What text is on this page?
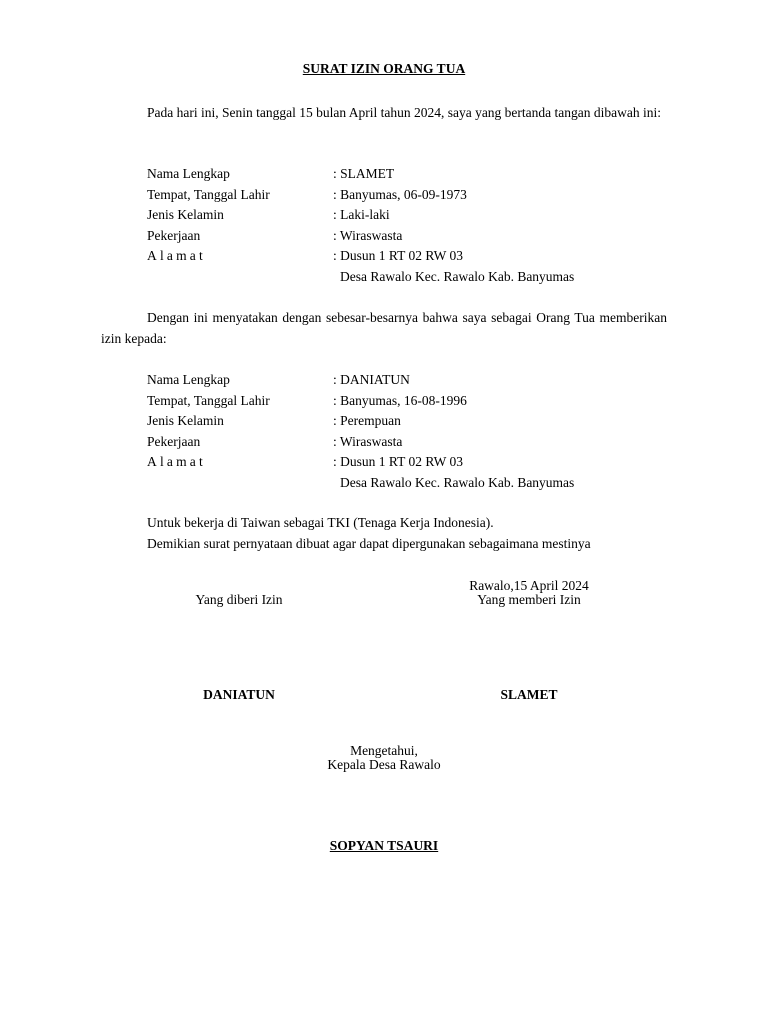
SURAT IZIN ORANG TUA
Pada hari ini, Senin tanggal 15 bulan April tahun 2024, saya yang bertanda tangan dibawah ini:
Nama Lengkap	: SLAMET
Tempat, Tanggal Lahir	: Banyumas, 06-09-1973
Jenis Kelamin	: Laki-laki
Pekerjaan	: Wiraswasta
Alamat	: Dusun 1 RT 02 RW 03
Desa Rawalo Kec. Rawalo Kab. Banyumas
Dengan ini menyatakan dengan sebesar-besarnya bahwa saya sebagai Orang Tua memberikan izin kepada:
Nama Lengkap	: DANIATUN
Tempat, Tanggal Lahir	: Banyumas, 16-08-1996
Jenis Kelamin	: Perempuan
Pekerjaan	: Wiraswasta
Alamat	: Dusun 1 RT 02 RW 03
Desa Rawalo Kec. Rawalo Kab. Banyumas
Untuk bekerja di Taiwan sebagai TKI (Tenaga Kerja Indonesia).
Demikian surat pernyataan dibuat agar dapat dipergunakan sebagaimana mestinya
Rawalo,15 April 2024
Yang diberi Izin	Yang memberi Izin
DANIATUN	SLAMET
Mengetahui,
Kepala Desa Rawalo
SOPYAN TSAURI
